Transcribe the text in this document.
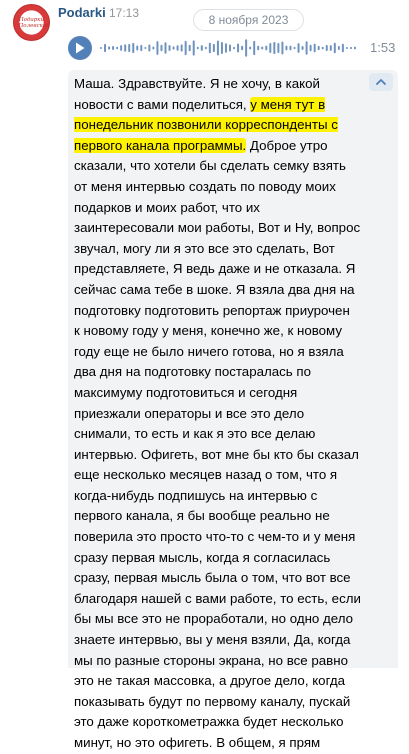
Подарки Полевской
Podarki 17:13	8 ноября 2023
1:53
Маша. Здравствуйте. Я не хочу, в какой
новости с вами поделиться, у меня тут в
понедельник позвонили корреспонденты с
первого канала программы. Доброе утро
сказали, что хотели бы сделать семку взять
от меня интервью создать по поводу моих
подарков и моих работ, что их
заинтересовали мои работы, Вот и Ну, вопрос
звучал, могу ли я это все это сделать, Вот
представляете, Я ведь даже и не отказала. Я
сейчас сама тебе в шоке. Я взяла два дня на
подготовку подготовить репортаж приурочен
к новому году у меня, конечно же, к новому
году еще не было ничего готова, но я взяла
два дня на подготовку постаралась по
максимуму подготовиться и сегодня
приезжали операторы и все это дело
снимали, то есть и как я это все делаю
интервью. Офигеть, вот мне бы кто бы сказал
еще несколько месяцев назад о том, что я
когда-нибудь подпишусь на интервью с
первого канала, я бы вообще реально не
поверила это просто что-то с чем-то и у меня
сразу первая мысль, когда я согласилась
сразу, первая мысль была о том, что вот все
благодаря нашей с вами работе, то есть, если
бы мы все это не проработали, но одно дело
знаете интервью, вы у меня взяли, Да, когда
мы по разные стороны экрана, но все равно
это не такая массовка, а другое дело, когда
показывать будут по первому каналу, пускай
это даже короткометражка будет несколько
минут, но это офигеть. В общем, я прям
